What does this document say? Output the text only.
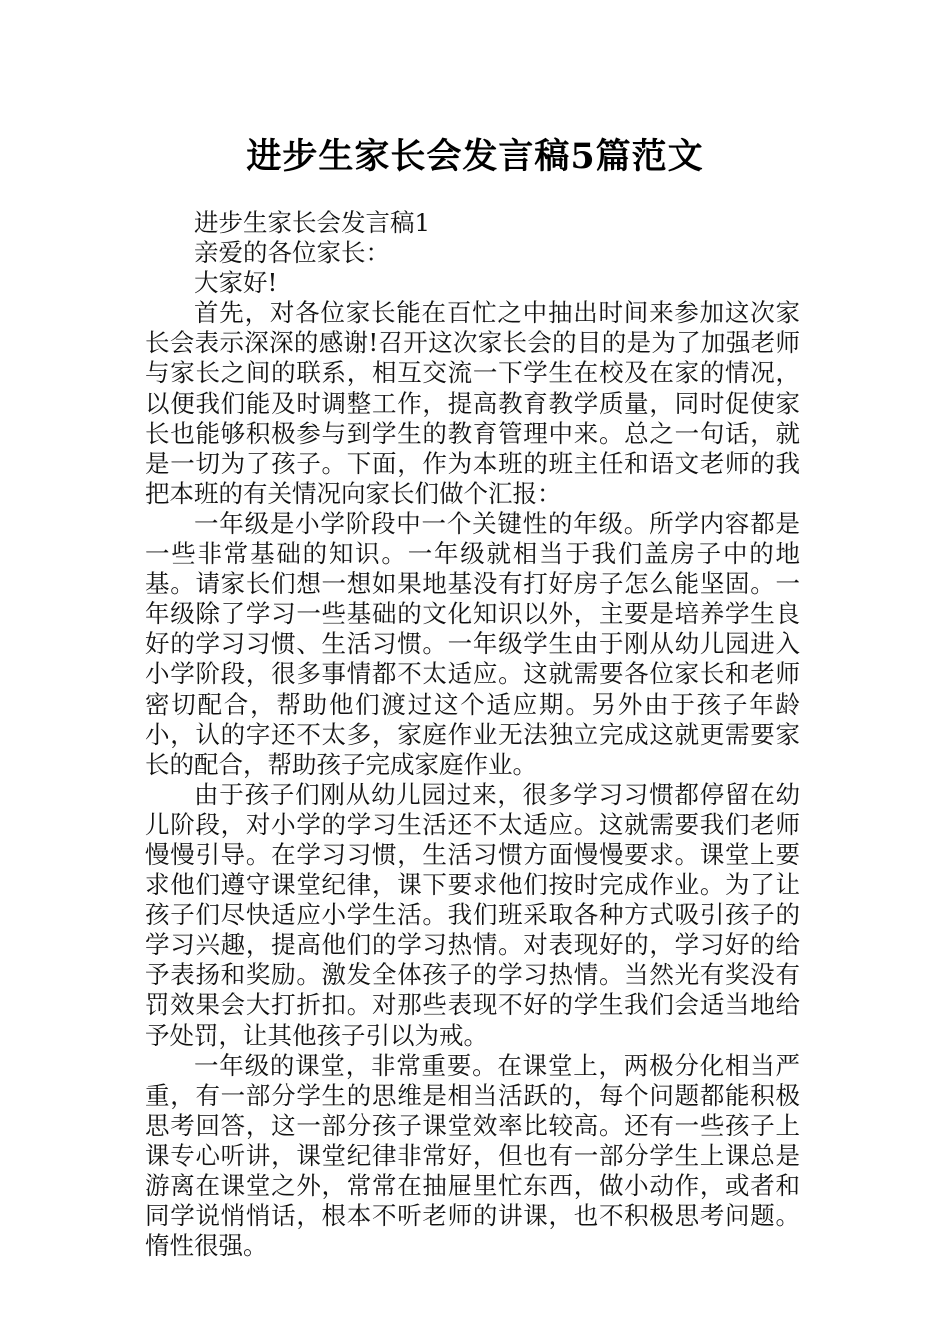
进步生家长会发言稿5篇范文

进步生家长会发言稿1

亲爱的各位家长：

大家好!

首先，对各位家长能在百忙之中抽出时间来参加这次家长会表示深深的感谢!召开这次家长会的目的是为了加强老师与家长之间的联系，相互交流一下学生在校及在家的情况，以便我们能及时调整工作，提高教育教学质量，同时促使家长也能够积极参与到学生的教育管理中来。总之一句话，就是一切为了孩子。下面，作为本班的班主任和语文老师的我把本班的有关情况向家长们做个汇报：

一年级是小学阶段中一个关键性的年级。所学内容都是一些非常基础的知识。一年级就相当于我们盖房子中的地基。请家长们想一想如果地基没有打好房子怎么能坚固。一年级除了学习一些基础的文化知识以外，主要是培养学生良好的学习习惯、生活习惯。一年级学生由于刚从幼儿园进入小学阶段，很多事情都不太适应。这就需要各位家长和老师密切配合，帮助他们渡过这个适应期。另外由于孩子年龄小，认的字还不太多，家庭作业无法独立完成这就更需要家长的配合，帮助孩子完成家庭作业。

由于孩子们刚从幼儿园过来，很多学习习惯都停留在幼儿阶段，对小学的学习生活还不太适应。这就需要我们老师慢慢引导。在学习习惯，生活习惯方面慢慢要求。课堂上要求他们遵守课堂纪律，课下要求他们按时完成作业。为了让孩子们尽快适应小学生活。我们班采取各种方式吸引孩子的学习兴趣，提高他们的学习热情。对表现好的，学习好的给予表扬和奖励。激发全体孩子的学习热情。当然光有奖没有罚效果会大打折扣。对那些表现不好的学生我们会适当地给予处罚，让其他孩子引以为戒。

一年级的课堂，非常重要。在课堂上，两极分化相当严重，有一部分学生的思维是相当活跃的，每个问题都能积极思考回答，这一部分孩子课堂效率比较高。还有一些孩子上课专心听讲，课堂纪律非常好，但也有一部分学生上课总是游离在课堂之外，常常在抽屉里忙东西，做小动作，或者和同学说悄悄话，根本不听老师的讲课，也不积极思考问题。惰性很强。
